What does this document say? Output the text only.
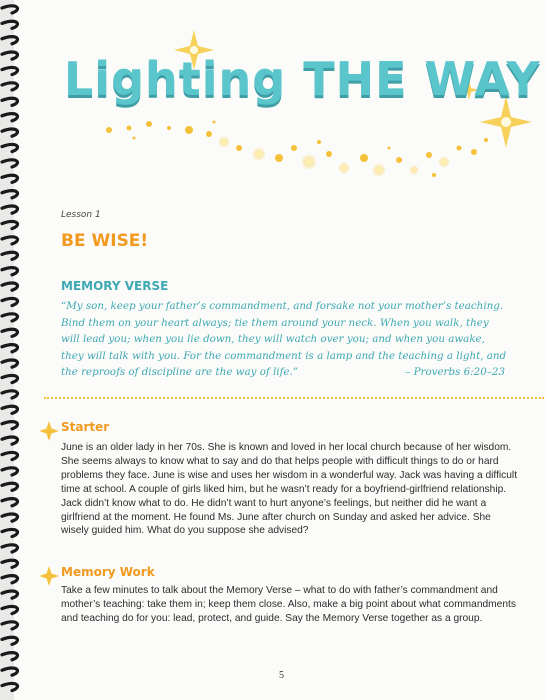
Lighting THE WAY
Lesson 1
BE WISE!
MEMORY VERSE
“My son, keep your father’s commandment, and forsake not your mother’s teaching. Bind them on your heart always; tie them around your neck. When you walk, they will lead you; when you lie down, they will watch over you; and when you awake, they will talk with you. For the commandment is a lamp and the teaching a light, and the reproofs of discipline are the way of life.”	– Proverbs 6:20–23
Starter
June is an older lady in her 70s. She is known and loved in her local church because of her wisdom. She seems always to know what to say and do that helps people with difficult things to do or hard problems they face. June is wise and uses her wisdom in a wonderful way. Jack was having a difficult time at school. A couple of girls liked him, but he wasn’t ready for a boyfriend-girlfriend relationship. Jack didn’t know what to do. He didn’t want to hurt anyone’s feelings, but neither did he want a girlfriend at the moment. He found Ms. June after church on Sunday and asked her advice. She wisely guided him. What do you suppose she advised?
Memory Work
Take a few minutes to talk about the Memory Verse – what to do with father’s commandment and mother’s teaching: take them in; keep them close. Also, make a big point about what commandments and teaching do for you: lead, protect, and guide. Say the Memory Verse together as a group.
5
